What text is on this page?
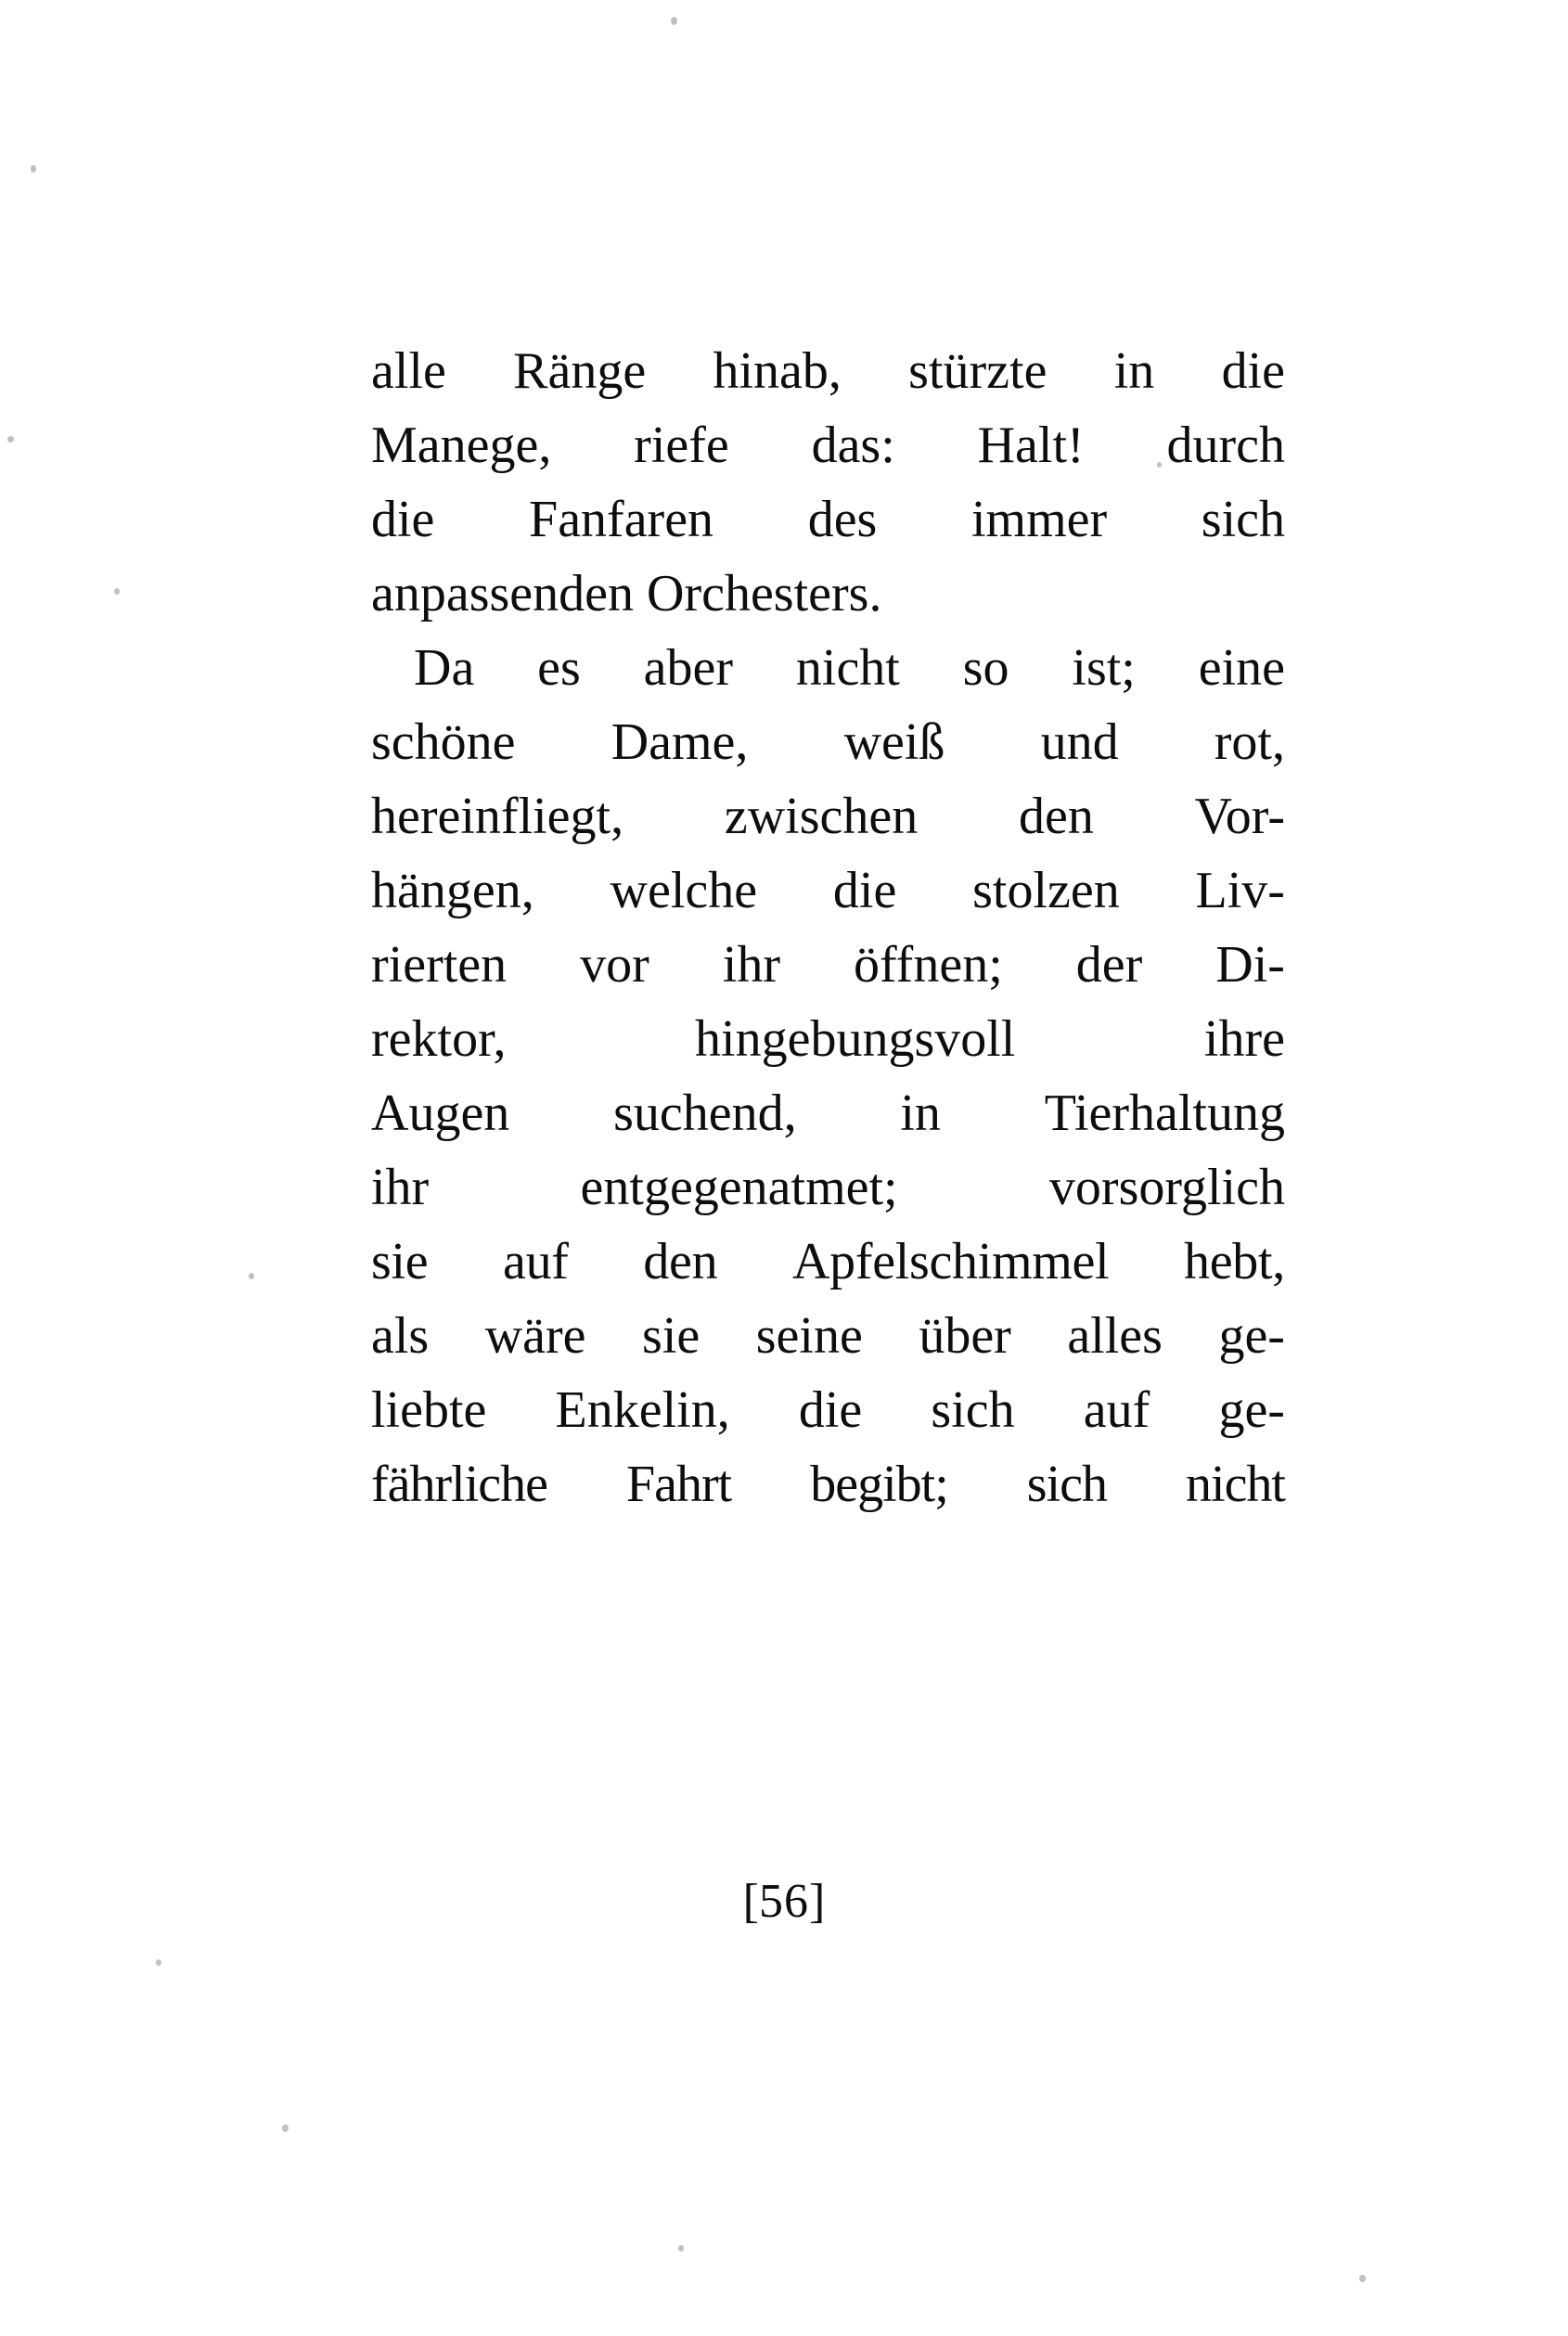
alle Ränge hinab, stürzte in die
Manege, riefe das: Halt! durch
die Fanfaren des immer sich
anpassenden Orchesters.
Da es aber nicht so ist; eine
schöne Dame, weiß und rot,
hereinfliegt, zwischen den Vor-
hängen, welche die stolzen Liv-
rierten vor ihr öffnen; der Di-
rektor,	hingebungsvoll	ihre
Augen suchend, in Tierhaltung
ihr	entgegenatmet;	vorsorglich
sie auf den Apfelschimmel hebt,
als wäre sie seine über alles ge-
liebte Enkelin, die sich auf ge-
fährliche Fahrt begibt; sich nicht
[56]
